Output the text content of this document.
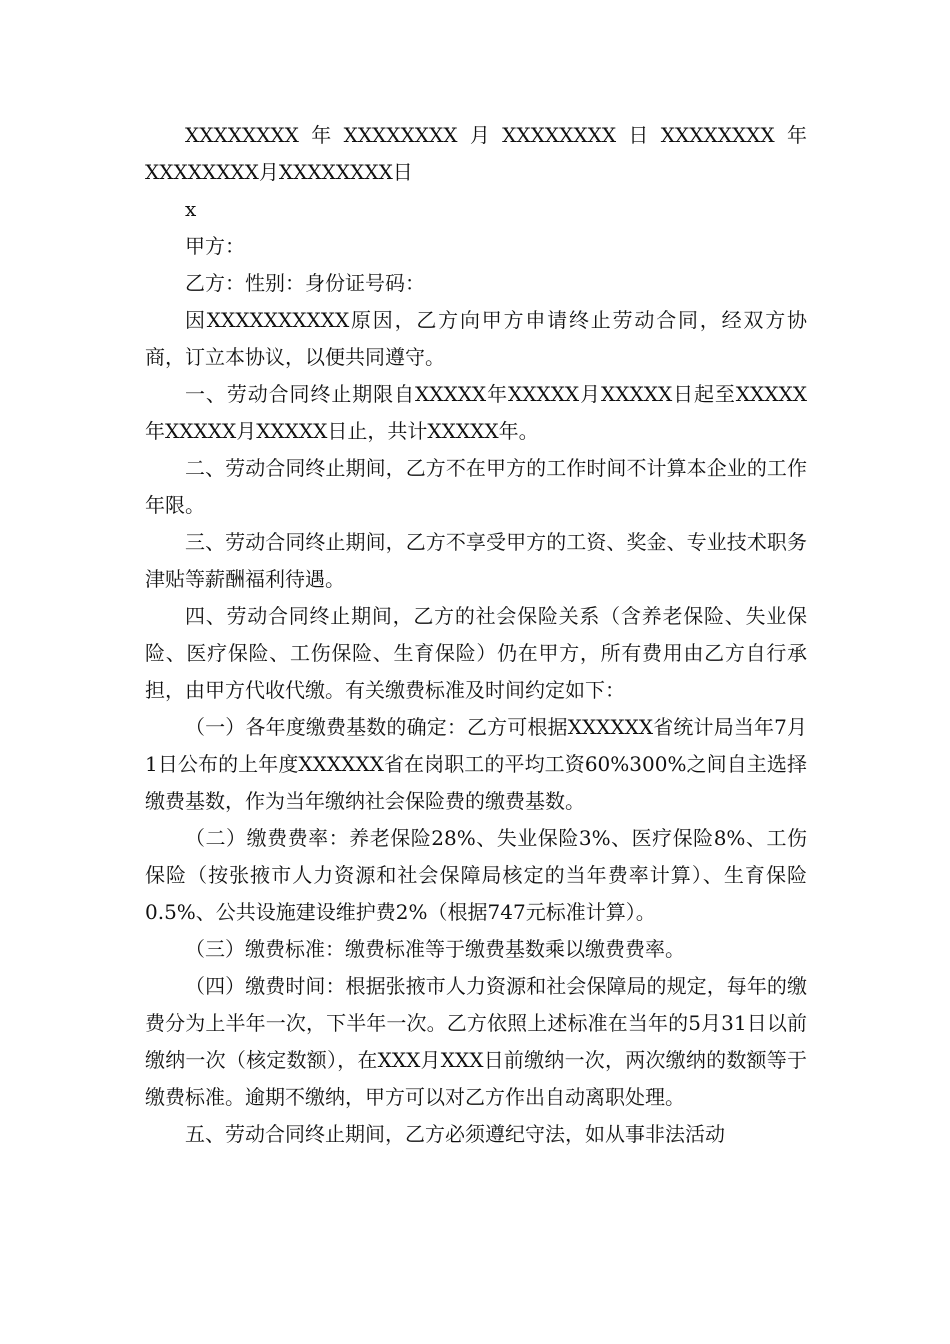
XXXXXXXX年XXXXXXXX月XXXXXXXX日XXXXXXXX年XXXXXXXX月XXXXXXXX日

x

甲方：

乙方：性别：身份证号码：

因XXXXXXXXXX原因，乙方向甲方申请终止劳动合同，经双方协商，订立本协议，以便共同遵守。

一、劳动合同终止期限自XXXXX年XXXXX月XXXXX日起至XXXXX年XXXXX月XXXXX日止，共计XXXXX年。

二、劳动合同终止期间，乙方不在甲方的工作时间不计算本企业的工作年限。

三、劳动合同终止期间，乙方不享受甲方的工资、奖金、专业技术职务津贴等薪酬福利待遇。

四、劳动合同终止期间，乙方的社会保险关系（含养老保险、失业保险、医疗保险、工伤保险、生育保险）仍在甲方，所有费用由乙方自行承担，由甲方代收代缴。有关缴费标准及时间约定如下：

（一）各年度缴费基数的确定：乙方可根据XXXXXX省统计局当年7月1日公布的上年度XXXXXX省在岗职工的平均工资60%300%之间自主选择缴费基数，作为当年缴纳社会保险费的缴费基数。

（二）缴费费率：养老保险28%、失业保险3%、医疗保险8%、工伤保险（按张掖市人力资源和社会保障局核定的当年费率计算）、生育保险0.5%、公共设施建设维护费2%（根据747元标准计算）。

（三）缴费标准：缴费标准等于缴费基数乘以缴费费率。

（四）缴费时间：根据张掖市人力资源和社会保障局的规定，每年的缴费分为上半年一次，下半年一次。乙方依照上述标准在当年的5月31日以前缴纳一次（核定数额），在XXX月XXX日前缴纳一次，两次缴纳的数额等于缴费标准。逾期不缴纳，甲方可以对乙方作出自动离职处理。

五、劳动合同终止期间，乙方必须遵纪守法，如从事非法活动
